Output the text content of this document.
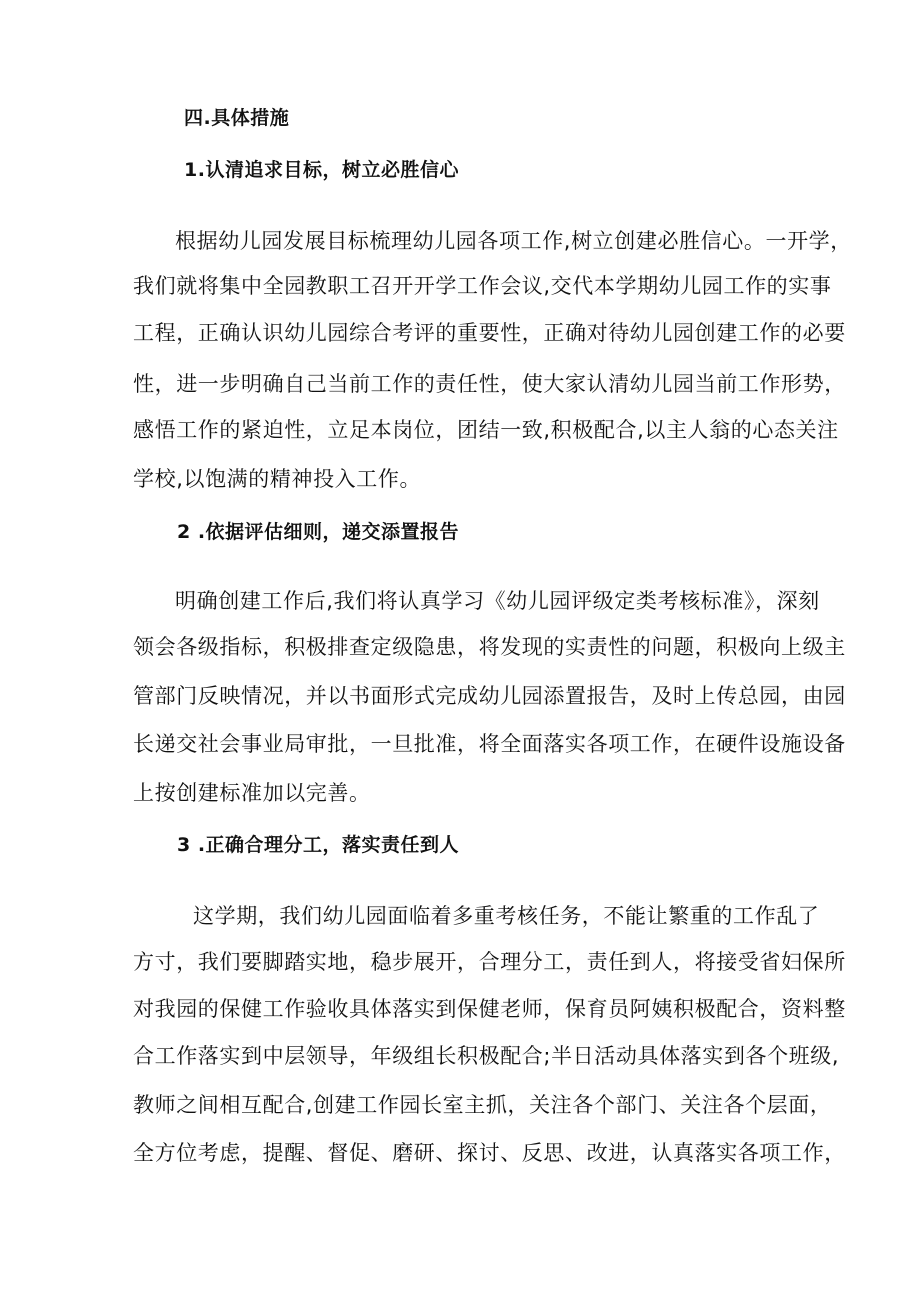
四.具体措施
1.认清追求目标，树立必胜信心
根据幼儿园发展目标梳理幼儿园各项工作,树立创建必胜信心。一开学，
我们就将集中全园教职工召开开学工作会议,交代本学期幼儿园工作的实事
工程，正确认识幼儿园综合考评的重要性，正确对待幼儿园创建工作的必要
性，进一步明确自己当前工作的责任性，使大家认清幼儿园当前工作形势，
感悟工作的紧迫性，立足本岗位，团结一致,积极配合,以主人翁的心态关注
学校,以饱满的精神投入工作。
2 .依据评估细则，递交添置报告
明确创建工作后,我们将认真学习《幼儿园评级定类考核标准》，深刻
领会各级指标，积极排查定级隐患，将发现的实责性的问题，积极向上级主
管部门反映情况，并以书面形式完成幼儿园添置报告，及时上传总园，由园
长递交社会事业局审批，一旦批准，将全面落实各项工作，在硬件设施设备
上按创建标准加以完善。
3 .正确合理分工，落实责任到人
这学期，我们幼儿园面临着多重考核任务，不能让繁重的工作乱了
方寸，我们要脚踏实地，稳步展开，合理分工，责任到人，将接受省妇保所
对我园的保健工作验收具体落实到保健老师，保育员阿姨积极配合，资料整
合工作落实到中层领导，年级组长积极配合;半日活动具体落实到各个班级,
教师之间相互配合,创建工作园长室主抓，关注各个部门、关注各个层面，
全方位考虑，提醒、督促、磨研、探讨、反思、改进，认真落实各项工作，
